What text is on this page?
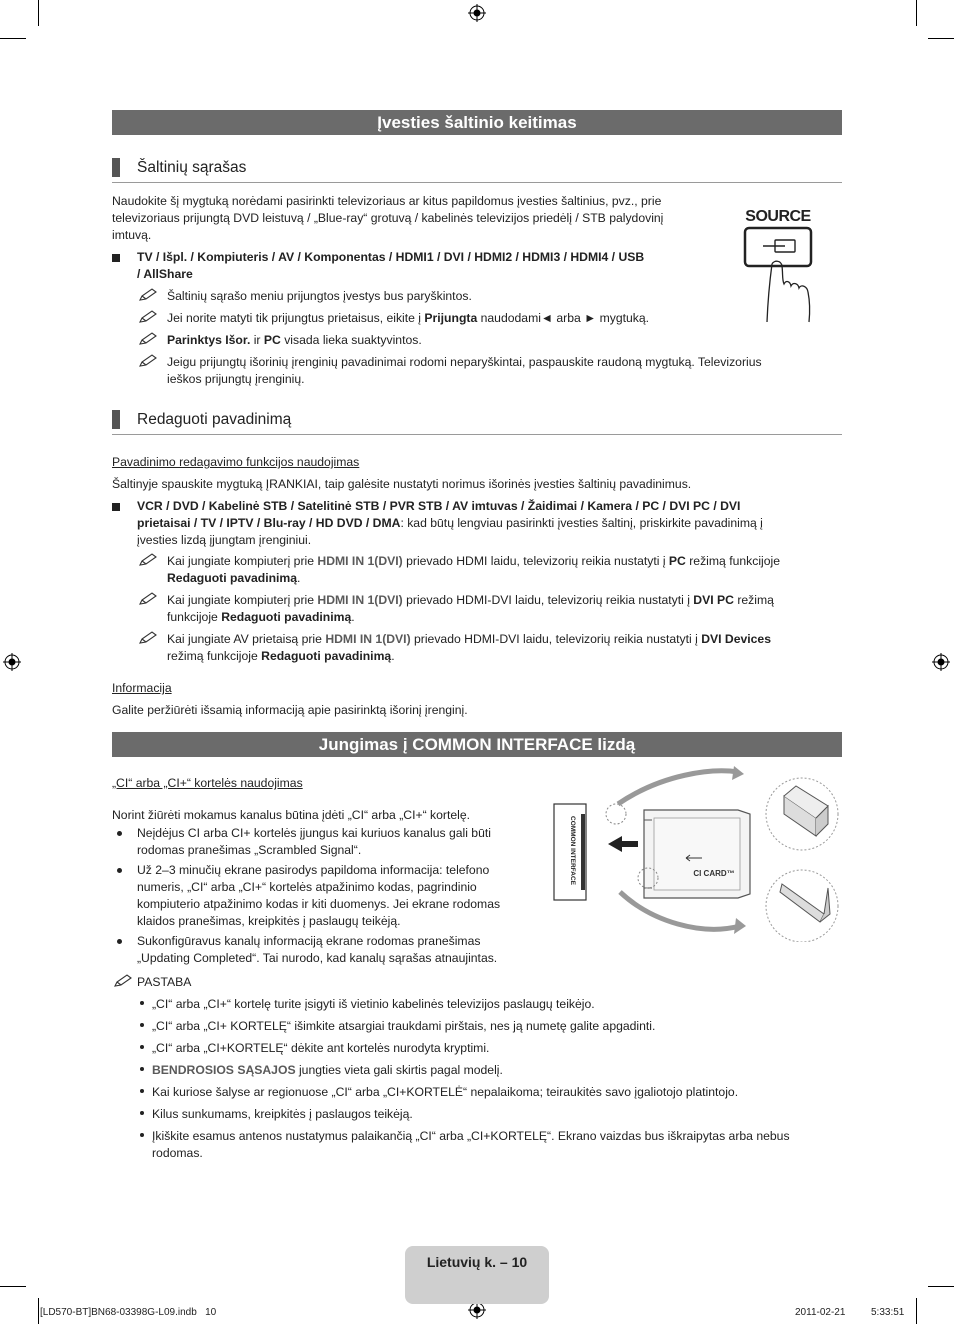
Įvesties šaltinio keitimas
Šaltinių sąrašas
Naudokite šį mygtuką norėdami pasirinkti televizoriaus ar kitus papildomus įvesties šaltinius, pvz., prie
televizoriaus prijungtą DVD leistuvą / „Blue-ray“ grotuvą / kabelinės televizijos priedėlį / STB palydovinį
imtuvą.
SOURCE
TV / Išpl. / Kompiuteris / AV / Komponentas / HDMI1 / DVI / HDMI2 / HDMI3 / HDMI4 / USB
/ AllShare
Šaltinių sąrašo meniu prijungtos įvestys bus paryškintos.
Jei norite matyti tik prijungtus prietaisus, eikite į Prijungta naudodami◄ arba ► mygtuką.
Parinktys Išor. ir PC visada lieka suaktyvintos.
Jeigu prijungtų išorinių įrenginių pavadinimai rodomi neparyškintai, paspauskite raudoną mygtuką. Televizorius
ieškos prijungtų įrenginių.
Redaguoti pavadinimą
Pavadinimo redagavimo funkcijos naudojimas
Šaltinyje spauskite mygtuką ĮRANKIAI, taip galėsite nustatyti norimus išorinės įvesties šaltinių pavadinimus.
VCR / DVD / Kabelinė STB / Satelitinė STB / PVR STB / AV imtuvas / Žaidimai / Kamera / PC / DVI PC / DVI
prietaisai / TV / IPTV / Blu-ray / HD DVD / DMA: kad būtų lengviau pasirinkti įvesties šaltinį, priskirkite pavadinimą į
įvesties lizdą įjungtam įrenginiui.
Kai jungiate kompiuterį prie HDMI IN 1(DVI) prievado HDMI laidu, televizorių reikia nustatyti į PC režimą funkcijoje
Redaguoti pavadinimą.
Kai jungiate kompiuterį prie HDMI IN 1(DVI) prievado HDMI-DVI laidu, televizorių reikia nustatyti į DVI PC režimą
funkcijoje Redaguoti pavadinimą.
Kai jungiate AV prietaisą prie HDMI IN 1(DVI) prievado HDMI-DVI laidu, televizorių reikia nustatyti į DVI Devices
režimą funkcijoje Redaguoti pavadinimą.
Informacija
Galite peržiūrėti išsamią informaciją apie pasirinktą išorinį įrenginį.
Jungimas į COMMON INTERFACE lizdą
„CI“ arba „CI+“ kortelės naudojimas
Norint žiūrėti mokamus kanalus būtina įdėti „CI“ arba „CI+“ kortelę.
Neįdėjus CI arba CI+ kortelės įjungus kai kuriuos kanalus gali būti
rodomas pranešimas „Scrambled Signal“.
Už 2–3 minučių ekrane pasirodys papildoma informacija: telefono
numeris, „CI“ arba „CI+“ kortelės atpažinimo kodas, pagrindinio
kompiuterio atpažinimo kodas ir kiti duomenys. Jei ekrane rodomas
klaidos pranešimas, kreipkitės į paslaugų teikėją.
Sukonfigūravus kanalų informaciją ekrane rodomas pranešimas
„Updating Completed“. Tai nurodo, kad kanalų sąrašas atnaujintas.
COMMON INTERFACE	CI CARD™
PASTABA
„CI“ arba „CI+“ kortelę turite įsigyti iš vietinio kabelinės televizijos paslaugų teikėjo.
„CI“ arba „CI+ KORTELĘ“ išimkite atsargiai traukdami pirštais, nes ją numetę galite apgadinti.
„CI“ arba „CI+KORTELĘ“ dėkite ant kortelės nurodyta kryptimi.
BENDROSIOS SĄSAJOS jungties vieta gali skirtis pagal modelį.
Kai kuriose šalyse ar regionuose „CI“ arba „CI+KORTELĖ“ nepalaikoma; teiraukitės savo įgaliotojo platintojo.
Kilus sunkumams, kreipkitės į paslaugos teikėją.
Įkiškite esamus antenos nustatymus palaikančią „CI“ arba „CI+KORTELĘ“. Ekrano vaizdas bus iškraipytas arba nebus
rodomas.
Lietuvių k. – 10
[LD570-BT]BN68-03398G-L09.indb   10	2011-02-21	5:33:51
